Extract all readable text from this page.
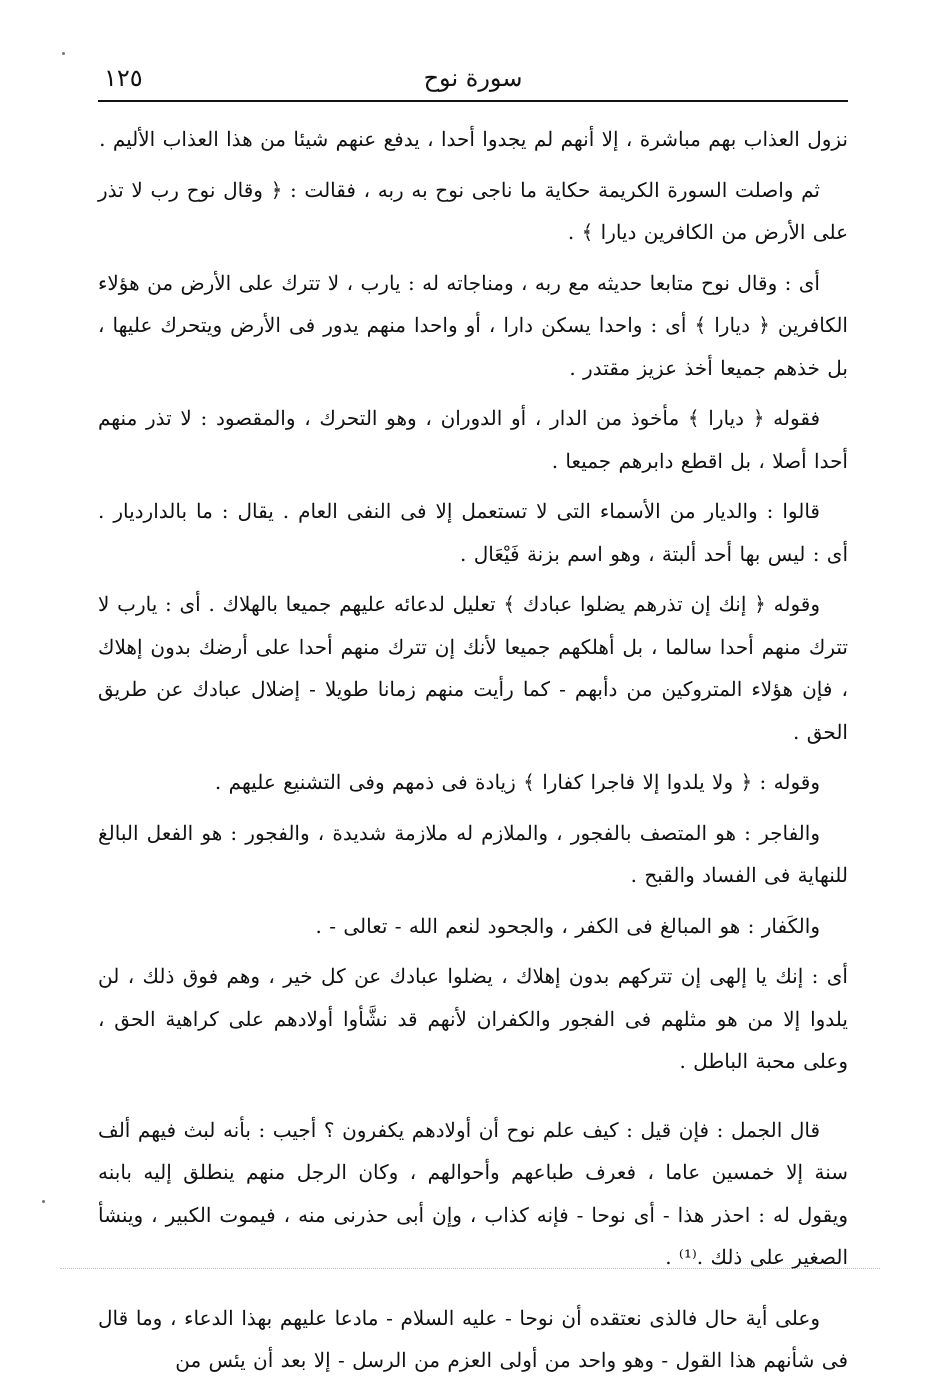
١٢٥	سورة نوح

نزول العذاب بهم مباشرة ، إلا أنهم لم يجدوا أحدا ، يدفع عنهم شيئا من هذا العذاب الأليم .

ثم واصلت السورة الكريمة حكاية ما ناجى نوح به ربه ، فقالت : ﴿ وقال نوح رب لا تذر على الأرض من الكافرين ديارا ﴾ .

أى : وقال نوح متابعا حديثه مع ربه ، ومناجاته له : يارب ، لا تترك على الأرض من هؤلاء الكافرين ﴿ ديارا ﴾ أى : واحدا يسكن دارا ، أو واحدا منهم يدور فى الأرض ويتحرك عليها ، بل خذهم جميعا أخذ عزيز مقتدر .

فقوله ﴿ ديارا ﴾ مأخوذ من الدار ، أو الدوران ، وهو التحرك ، والمقصود : لا تذر منهم أحدا أصلا ، بل اقطع دابرهم جميعا .

قالوا : والديار من الأسماء التى لا تستعمل إلا فى النفى العام . يقال : ما بالدارديار . أى : ليس بها أحد ألبتة ، وهو اسم بزنة فَيْعَال .

وقوله ﴿ إنك إن تذرهم يضلوا عبادك ﴾ تعليل لدعائه عليهم جميعا بالهلاك . أى : يارب لا تترك منهم أحدا سالما ، بل أهلكهم جميعا لأنك إن تترك منهم أحدا على أرضك بدون إهلاك ، فإن هؤلاء المتروكين من دأبهم - كما رأيت منهم زمانا طويلا - إضلال عبادك عن طريق الحق .

وقوله : ﴿ ولا يلدوا إلا فاجرا كفارا ﴾ زيادة فى ذمهم وفى التشنيع عليهم .

والفاجر : هو المتصف بالفجور ، والملازم له ملازمة شديدة ، والفجور : هو الفعل البالغ للنهاية فى الفساد والقبح .

والكَفار : هو المبالغ فى الكفر ، والجحود لنعم الله - تعالى - .

أى : إنك يا إلهى إن تتركهم بدون إهلاك ، يضلوا عبادك عن كل خير ، وهم فوق ذلك ، لن يلدوا إلا من هو مثلهم فى الفجور والكفران لأنهم قد نشَّأوا أولادهم على كراهية الحق ، وعلى محبة الباطل .

قال الجمل : فإن قيل : كيف علم نوح أن أولادهم يكفرون ؟ أجيب : بأنه لبث فيهم ألف سنة إلا خمسين عاما ، فعرف طباعهم وأحوالهم ، وكان الرجل منهم ينطلق إليه بابنه ويقول له : احذر هذا - أى نوحا - فإنه كذاب ، وإن أبى حذرنى منه ، فيموت الكبير ، وينشأ الصغير على ذلك .⁽¹⁾ .

وعلى أية حال فالذى نعتقده أن نوحا - عليه السلام - مادعا عليهم بهذا الدعاء ، وما قال فى شأنهم هذا القول - وهو واحد من أولى العزم من الرسل - إلا بعد أن يئس من
